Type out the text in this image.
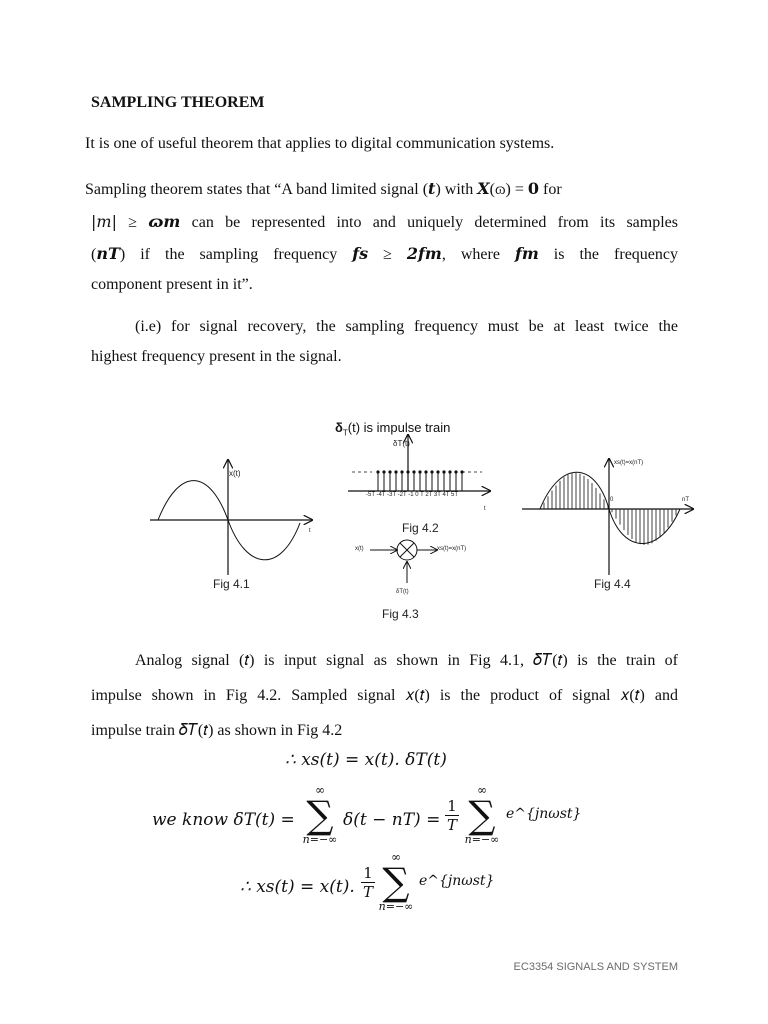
SAMPLING THEOREM
It is one of useful theorem that applies to digital communication systems.
Sampling theorem states that “A band limited signal (t) with X(ɷ) = 0 for
|m| ≥ ɷm can be represented into and uniquely determined from its samples
(nT) if the sampling frequency fs ≥ 2fm, where fm is the frequency
component present in it”.
(i.e) for signal recovery, the sampling frequency must be at least twice the
highest frequency present in the signal.
$\delta_T(t)$ is impulse train
δT(t)
-5T -4T -3T -2T -1 0 T 2T 3T 4T 5T
t
Fig 4.2
x(t)
t
Fig 4.1
x(t)	xs(t)=x(nT)
δT(t)
Fig 4.3
xs(t)=x(nT)
0	nT
Fig 4.4
Analog signal (𝑡) is input signal as shown in Fig 4.1, 𝛿𝑇(𝑡) is the train of
impulse shown in Fig 4.2. Sampled signal 𝑥(𝑡) is the product of signal 𝑥(𝑡) and
impulse train 𝛿𝑇(𝑡) as shown in Fig 4.2
∴ xs(t) = x(t). δT(t)
we know δT(t) =
∞
∑
n=−∞
δ(t − nT) =
1
T
∞
∑
n=−∞
e^{jnωst}
∴ xs(t) = x(t).
1
T
∞
∑
n=−∞
e^{jnωst}
EC3354 SIGNALS AND SYSTEM
